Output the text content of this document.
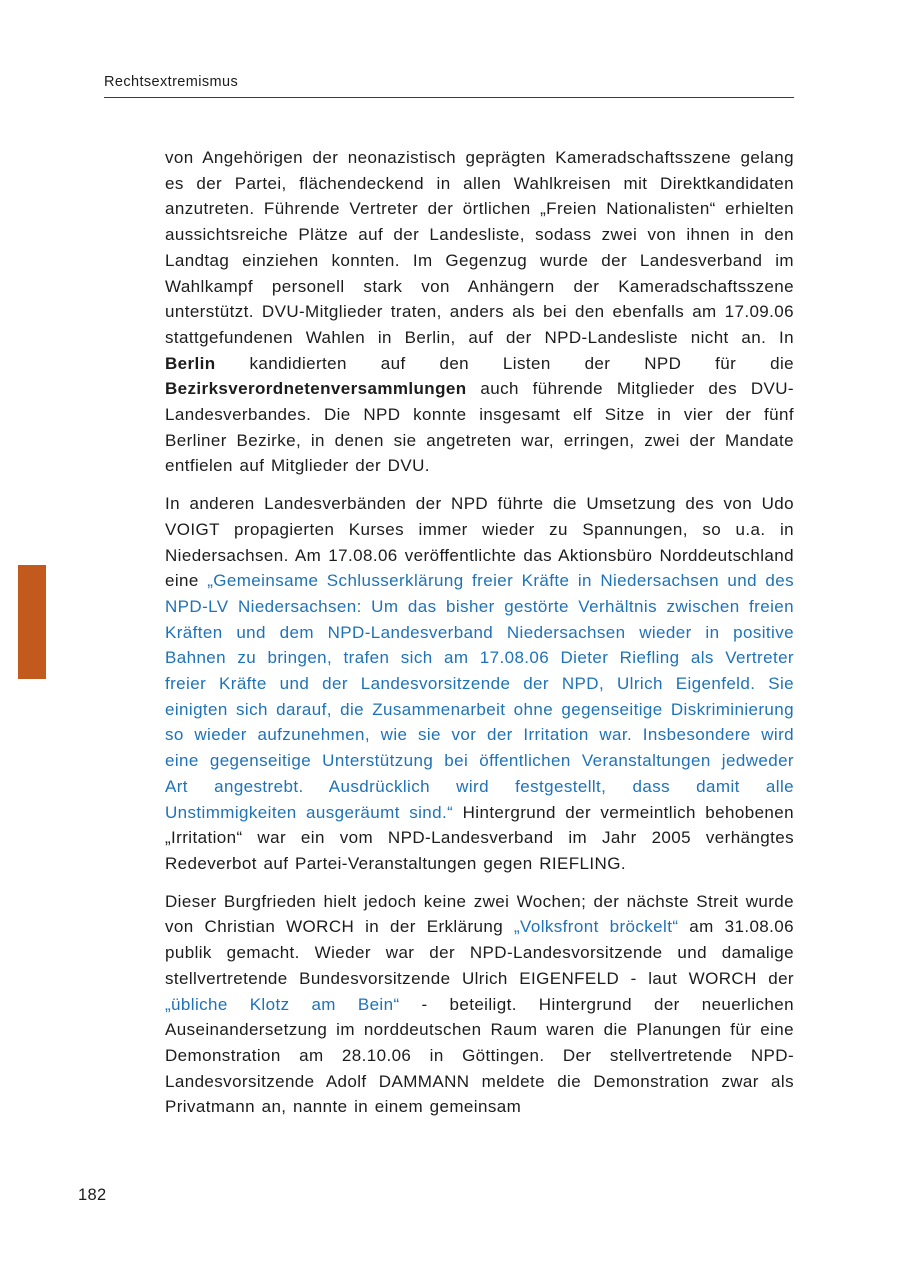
Rechtsextremismus

von Angehörigen der neonazistisch geprägten Kameradschaftsszene gelang es der Partei, flächendeckend in allen Wahlkreisen mit Direktkandidaten anzutreten. Führende Vertreter der örtlichen „Freien Nationalisten“ erhielten aussichtsreiche Plätze auf der Landesliste, sodass zwei von ihnen in den Landtag einziehen konnten. Im Gegenzug wurde der Landesverband im Wahlkampf personell stark von Anhängern der Kameradschaftsszene unterstützt. DVU-Mitglieder traten, anders als bei den ebenfalls am 17.09.06 stattgefundenen Wahlen in Berlin, auf der NPD-Landesliste nicht an. In Berlin kandidierten auf den Listen der NPD für die Bezirksverordnetenversammlungen auch führende Mitglieder des DVU-Landesverbandes. Die NPD konnte insgesamt elf Sitze in vier der fünf Berliner Bezirke, in denen sie angetreten war, erringen, zwei der Mandate entfielen auf Mitglieder der DVU.

In anderen Landesverbänden der NPD führte die Umsetzung des von Udo VOIGT propagierten Kurses immer wieder zu Spannungen, so u.a. in Niedersachsen. Am 17.08.06 veröffentlichte das Aktionsbüro Norddeutschland eine „Gemeinsame Schlusserklärung freier Kräfte in Niedersachsen und des NPD-LV Niedersachsen: Um das bisher gestörte Verhältnis zwischen freien Kräften und dem NPD-Landesverband Niedersachsen wieder in positive Bahnen zu bringen, trafen sich am 17.08.06 Dieter Riefling als Vertreter freier Kräfte und der Landesvorsitzende der NPD, Ulrich Eigenfeld. Sie einigten sich darauf, die Zusammenarbeit ohne gegenseitige Diskriminierung so wieder aufzunehmen, wie sie vor der Irritation war. Insbesondere wird eine gegenseitige Unterstützung bei öffentlichen Veranstaltungen jedweder Art angestrebt. Ausdrücklich wird festgestellt, dass damit alle Unstimmigkeiten ausgeräumt sind.“ Hintergrund der vermeintlich behobenen „Irritation“ war ein vom NPD-Landesverband im Jahr 2005 verhängtes Redeverbot auf Partei-Veranstaltungen gegen RIEFLING.

Dieser Burgfrieden hielt jedoch keine zwei Wochen; der nächste Streit wurde von Christian WORCH in der Erklärung „Volksfront bröckelt“ am 31.08.06 publik gemacht. Wieder war der NPD-Landesvorsitzende und damalige stellvertretende Bundesvorsitzende Ulrich EIGENFELD - laut WORCH der „übliche Klotz am Bein“ - beteiligt. Hintergrund der neuerlichen Auseinandersetzung im norddeutschen Raum waren die Planungen für eine Demonstration am 28.10.06 in Göttingen. Der stellvertretende NPD-Landesvorsitzende Adolf DAMMANN meldete die Demonstration zwar als Privatmann an, nannte in einem gemeinsam

182
